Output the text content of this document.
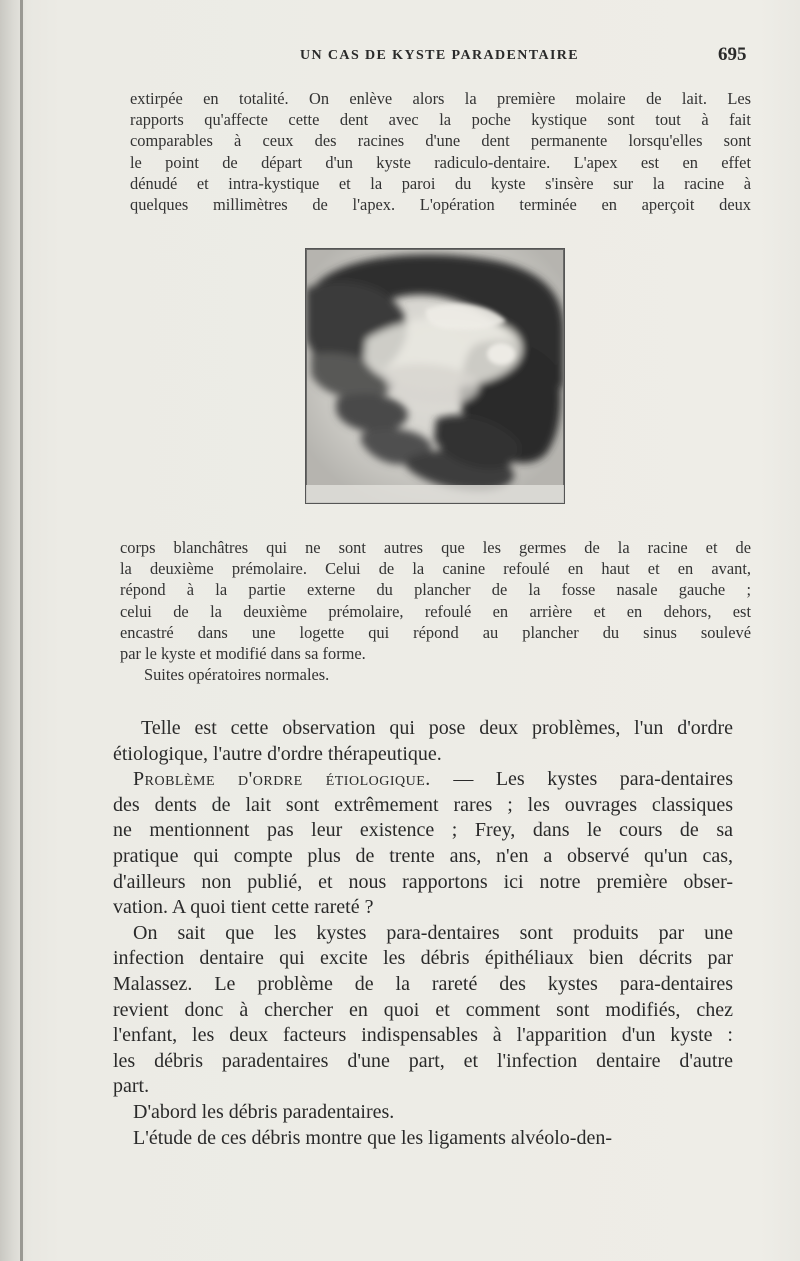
UN CAS DE KYSTE PARADENTAIRE	695
extirpée en totalité. On enlève alors la première molaire de lait. Les
rapports qu'affecte cette dent avec la poche kystique sont tout à fait
comparables à ceux des racines d'une dent permanente lorsqu'elles sont
le point de départ d'un kyste radiculo-dentaire. L'apex est en effet
dénudé et intra-kystique et la paroi du kyste s'insère sur la racine à
quelques millimètres de l'apex. L'opération terminée en aperçoit deux
corps blanchâtres qui ne sont autres que les germes de la racine et de
la deuxième prémolaire. Celui de la canine refoulé en haut et en avant,
répond à la partie externe du plancher de la fosse nasale gauche ;
celui de la deuxième prémolaire, refoulé en arrière et en dehors, est
encastré dans une logette qui répond au plancher du sinus soulevé
par le kyste et modifié dans sa forme.
Suites opératoires normales.
Telle est cette observation qui pose deux problèmes, l'un d'ordre
étiologique, l'autre d'ordre thérapeutique.
Problème d'ordre étiologique. — Les kystes para-dentaires
des dents de lait sont extrêmement rares ; les ouvrages classiques
ne mentionnent pas leur existence ; Frey, dans le cours de sa
pratique qui compte plus de trente ans, n'en a observé qu'un cas,
d'ailleurs non publié, et nous rapportons ici notre première obser-
vation. A quoi tient cette rareté ?
On sait que les kystes para-dentaires sont produits par une
infection dentaire qui excite les débris épithéliaux bien décrits par
Malassez. Le problème de la rareté des kystes para-dentaires
revient donc à chercher en quoi et comment sont modifiés, chez
l'enfant, les deux facteurs indispensables à l'apparition d'un kyste :
les débris paradentaires d'une part, et l'infection dentaire d'autre
part.
D'abord les débris paradentaires.
L'étude de ces débris montre que les ligaments alvéolo-den-
